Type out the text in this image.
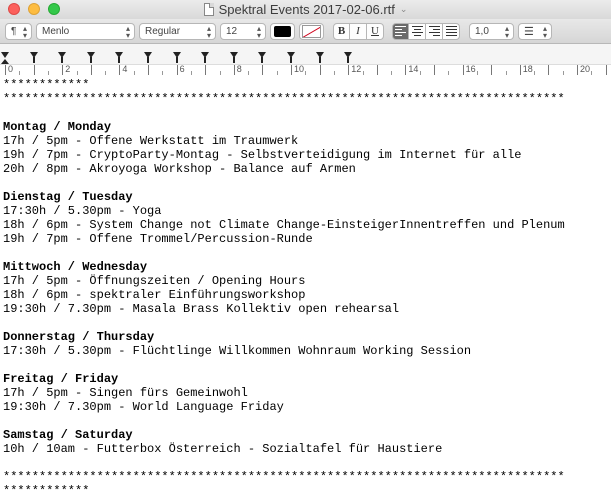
Spektral Events 2017-02-06.rtf ⌄
¶ ▴
▾ Menlo	▴
▾ Regular	▴
▾ 12 ▴
▾	B I	U	1,0 ▴
▾ ☰ ▴
▾
0	2	4	6	8	10	12	14	16	18	20
************
******************************************************************************
Montag / Monday
17h / 5pm - Offene Werkstatt im Traumwerk
19h / 7pm - CryptoParty-Montag - Selbstverteidigung im Internet für alle
20h / 8pm - Akroyoga Workshop - Balance auf Armen
Dienstag / Tuesday
17:30h / 5.30pm - Yoga
18h / 6pm - System Change not Climate Change-EinsteigerInnentreffen und Plenum
19h / 7pm - Offene Trommel/Percussion-Runde
Mittwoch / Wednesday
17h / 5pm - Öffnungszeiten / Opening Hours
18h / 6pm - spektraler Einführungsworkshop
19:30h / 7.30pm - Masala Brass Kollektiv open rehearsal
Donnerstag / Thursday
17:30h / 5.30pm - Flüchtlinge Willkommen Wohnraum Working Session
Freitag / Friday
17h / 5pm - Singen fürs Gemeinwohl
19:30h / 7.30pm - World Language Friday
Samstag / Saturday
10h / 10am - Futterbox Österreich - Sozialtafel für Haustiere
******************************************************************************
************
